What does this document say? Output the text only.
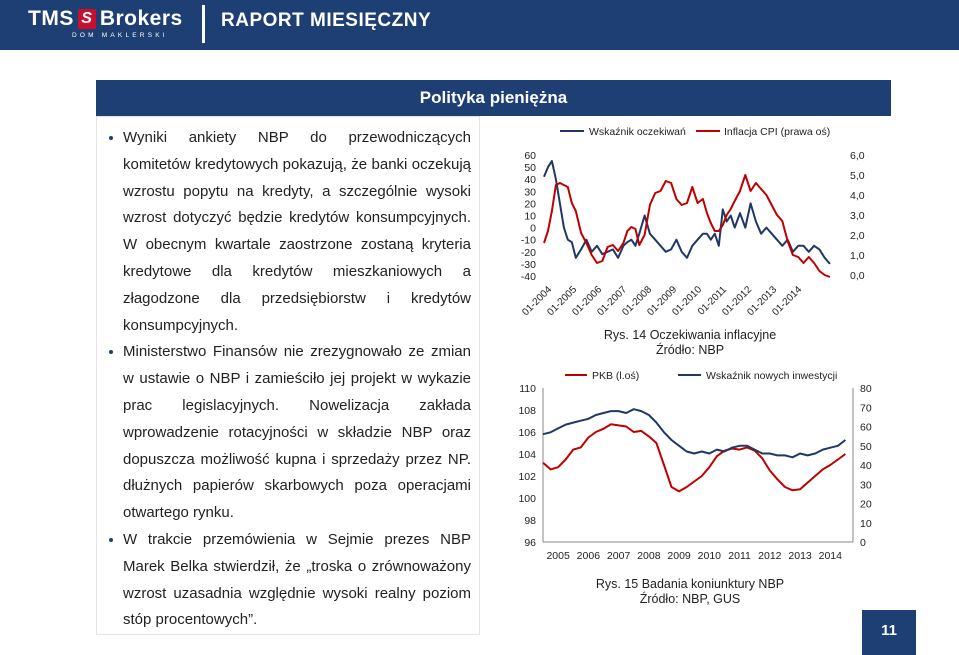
TMS S Brokers
DOM MAKLERSKI
RAPORT MIESIĘCZNY
Polityka pieniężna
Wyniki ankiety NBP do przewodniczących komitetów kredytowych pokazują, że banki oczekują wzrostu popytu na kredyty, a szczególnie wysoki wzrost dotyczyć będzie kredytów konsumpcyjnych. W obecnym kwartale zaostrzone zostaną kryteria kredytowe dla kredytów mieszkaniowych a złagodzone dla przedsiębiorstw i kredytów konsumpcyjnych.
Ministerstwo Finansów nie zrezygnowało ze zmian w ustawie o NBP i zamieściło jej projekt w wykazie prac legislacyjnych. Nowelizacja zakłada wprowadzenie rotacyjności w składzie NBP oraz dopuszcza możliwość kupna i sprzedaży przez NP. dłużnych papierów skarbowych poza operacjami otwartego rynku.
W trakcie przemówienia w Sejmie prezes NBP Marek Belka stwierdził, że „troska o zrównoważony wzrost uzasadnia względnie wysoki realny poziom stóp procentowych”.
Wskaźnik oczekiwań	Inflacja CPI (prawa oś)
60
50
40
30
20
10
0
-10
-20
-30
-40
6,0
5,0
4,0
3,0
2,0
1,0
0,0
01-2004
01-2005
01-2006
01-2007
01-2008
01-2009
01-2010
01-2011
01-2012
01-2013
01-2014
Rys. 14 Oczekiwania inflacyjne
Źródło: NBP
PKB (l.oś)	Wskaźnik nowych inwestycji
110
108
106
104
102
100
98
96
80
70
60
50
40
30
20
10
0
2005 2006 2007 2008 2009 2010 2011 2012 2013 2014
Rys. 15 Badania koniunktury NBP
Źródło: NBP, GUS
11
